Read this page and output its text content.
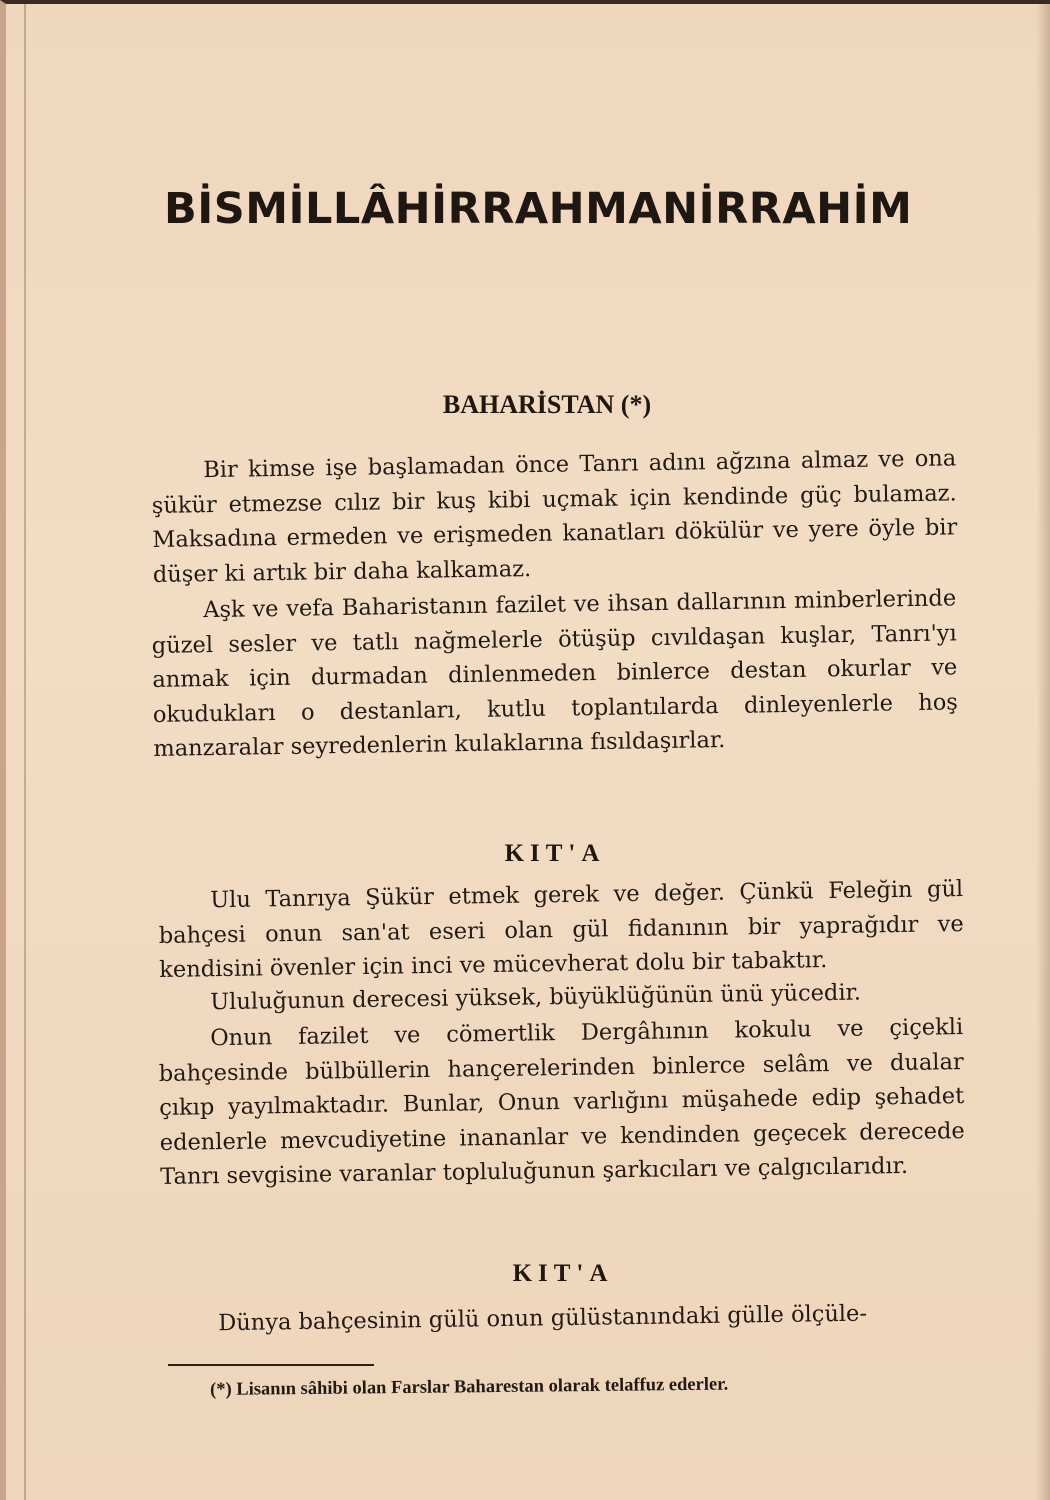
BİSMİLLÂHİRRAHMANİRRAHİM
BAHARİSTAN (*)

Bir kimse işe başlamadan önce Tanrı adını ağzına almaz ve ona şükür etmezse cılız bir kuş kibi uçmak için kendinde güç bulamaz. Maksadına ermeden ve erişmeden kanatları dökülür ve yere öyle bir düşer ki artık bir daha kalkamaz.

Aşk ve vefa Baharistanın fazilet ve ihsan dallarının minberlerinde güzel sesler ve tatlı nağmelerle ötüşüp cıvıldaşan kuşlar, Tanrı'yı anmak için durmadan dinlenmeden binlerce destan okurlar ve okudukları o destanları, kutlu toplantılarda dinleyenlerle hoş manzaralar seyredenlerin kulaklarına fısıldaşırlar.

KIT'A

Ulu Tanrıya Şükür etmek gerek ve değer. Çünkü Feleğin gül bahçesi onun san'at eseri olan gül fidanının bir yaprağıdır ve kendisini övenler için inci ve mücevherat dolu bir tabaktır.

Ululuğunun derecesi yüksek, büyüklüğünün ünü yücedir.

Onun fazilet ve cömertlik Dergâhının kokulu ve çiçekli bahçesinde bülbüllerin hançerelerinden binlerce selâm ve dualar çıkıp yayılmaktadır. Bunlar, Onun varlığını müşahede edip şehadet edenlerle mevcudiyetine inananlar ve kendinden geçecek derecede Tanrı sevgisine varanlar topluluğunun şarkıcıları ve çalgıcılarıdır.

KIT'A

Dünya bahçesinin gülü onun gülüstanındaki gülle ölçüle-

(*) Lisanın sâhibi olan Farslar Baharestan olarak telaffuz ederler.
